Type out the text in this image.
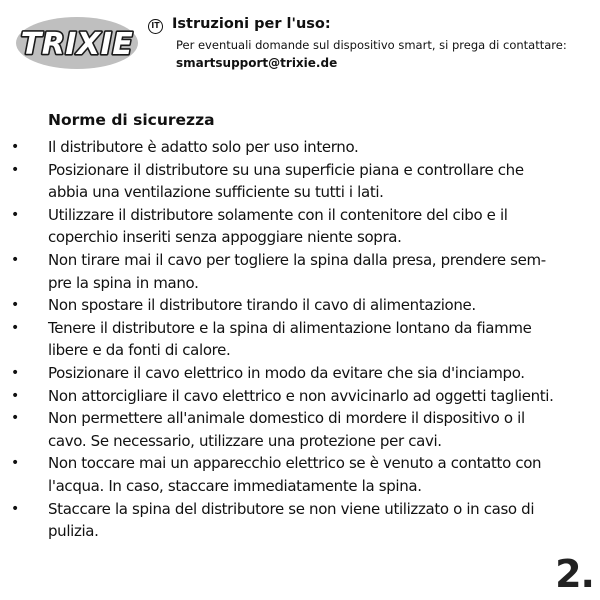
TRIXIE
IT Istruzioni per l'uso:
Per eventuali domande sul dispositivo smart, si prega di contattare:
smartsupport@trixie.de
Norme di sicurezza
• Il distributore è adatto solo per uso interno.
• Posizionare il distributore su una superficie piana e controllare che
abbia una ventilazione sufficiente su tutti i lati.
• Utilizzare il distributore solamente con il contenitore del cibo e il
coperchio inseriti senza appoggiare niente sopra.
• Non tirare mai il cavo per togliere la spina dalla presa, prendere sem-
pre la spina in mano.
• Non spostare il distributore tirando il cavo di alimentazione.
• Tenere il distributore e la spina di alimentazione lontano da fiamme
libere e da fonti di calore.
• Posizionare il cavo elettrico in modo da evitare che sia d'inciampo.
• Non attorcigliare il cavo elettrico e non avvicinarlo ad oggetti taglienti.
• Non permettere all'animale domestico di mordere il dispositivo o il
cavo. Se necessario, utilizzare una protezione per cavi.
• Non toccare mai un apparecchio elettrico se è venuto a contatto con
l'acqua. In caso, staccare immediatamente la spina.
• Staccare la spina del distributore se non viene utilizzato o in caso di
pulizia.
2.
